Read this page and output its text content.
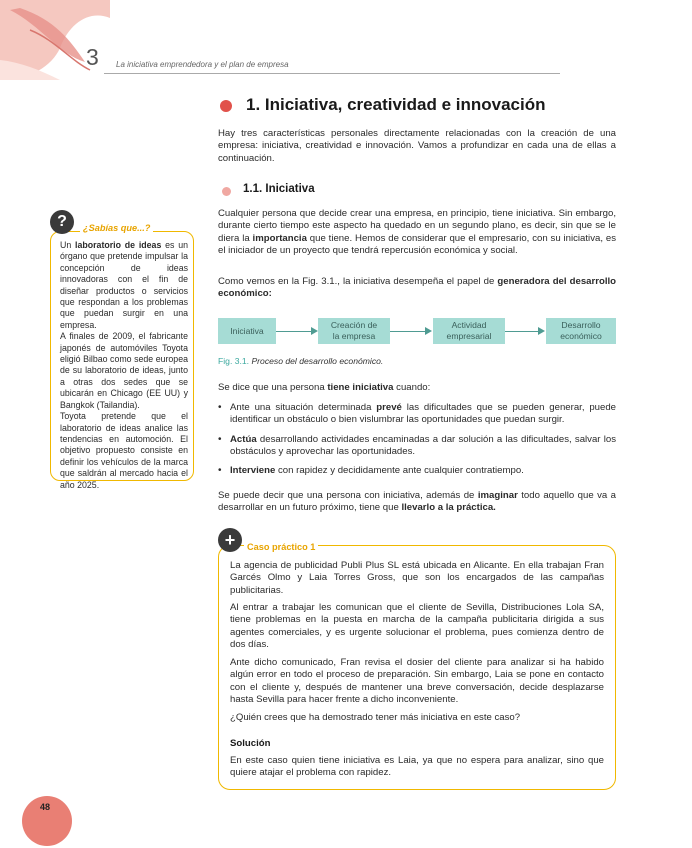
3 La iniciativa emprendedora y el plan de empresa
1. Iniciativa, creatividad e innovación

Hay tres características personales directamente relacionadas con la creación de una empresa: iniciativa, creatividad e innovación. Vamos a profundizar en cada una de ellas a continuación.

1.1. Iniciativa

Cualquier persona que decide crear una empresa, en principio, tiene iniciativa. Sin embargo, durante cierto tiempo este aspecto ha quedado en un segundo plano, es decir, sin que se le diera la importancia que tiene. Hemos de considerar que el empresario, con su iniciativa, es el iniciador de un proyecto que tendrá repercusión económica y social.

Como vemos en la Fig. 3.1., la iniciativa desempeña el papel de generadora del desarrollo económico:

?	¿Sabías que...?

Un laboratorio de ideas es un órgano que pretende impulsar la concepción de ideas innovadoras con el fin de diseñar productos o servicios que respondan a los problemas que puedan surgir en una empresa.

A finales de 2009, el fabricante japonés de automóviles Toyota eligió Bilbao como sede europea de su laboratorio de ideas, junto a otras dos sedes que se ubicarán en Chicago (EE UU) y Bangkok (Tailandia).

Toyota pretende que el laboratorio de ideas analice las tendencias en automoción. El objetivo propuesto consiste en definir los vehículos de la marca que saldrán al mercado hacia el año 2025.

Iniciativa
Creación de la empresa
Actividad empresarial
Desarrollo económico
Fig. 3.1. Proceso del desarrollo económico.

Se dice que una persona tiene iniciativa cuando:

• Ante una situación determinada prevé las dificultades que se pueden generar, puede identificar un obstáculo o bien vislumbrar las oportunidades que puedan surgir.

• Actúa desarrollando actividades encaminadas a dar solución a las dificultades, salvar los obstáculos y aprovechar las oportunidades.

• Interviene con rapidez y decididamente ante cualquier contratiempo.

Se puede decir que una persona con iniciativa, además de imaginar todo aquello que va a desarrollar en un futuro próximo, tiene que llevarlo a la práctica.

+	Caso práctico 1

La agencia de publicidad Publi Plus SL está ubicada en Alicante. En ella trabajan Fran Garcés Olmo y Laia Torres Gross, que son los encargados de las campañas publicitarias.

Al entrar a trabajar les comunican que el cliente de Sevilla, Distribuciones Lola SA, tiene problemas en la puesta en marcha de la campaña publicitaria dirigida a sus agentes comerciales, y es urgente solucionar el problema, pues comienza dentro de dos días.

Ante dicho comunicado, Fran revisa el dosier del cliente para analizar si ha habido algún error en todo el proceso de preparación. Sin embargo, Laia se pone en contacto con el cliente y, después de mantener una breve conversación, decide desplazarse hasta Sevilla para hacer frente a dicho inconveniente.

¿Quién crees que ha demostrado tener más iniciativa en este caso?

Solución

En este caso quien tiene iniciativa es Laia, ya que no espera para analizar, sino que quiere atajar el problema con rapidez.

48
